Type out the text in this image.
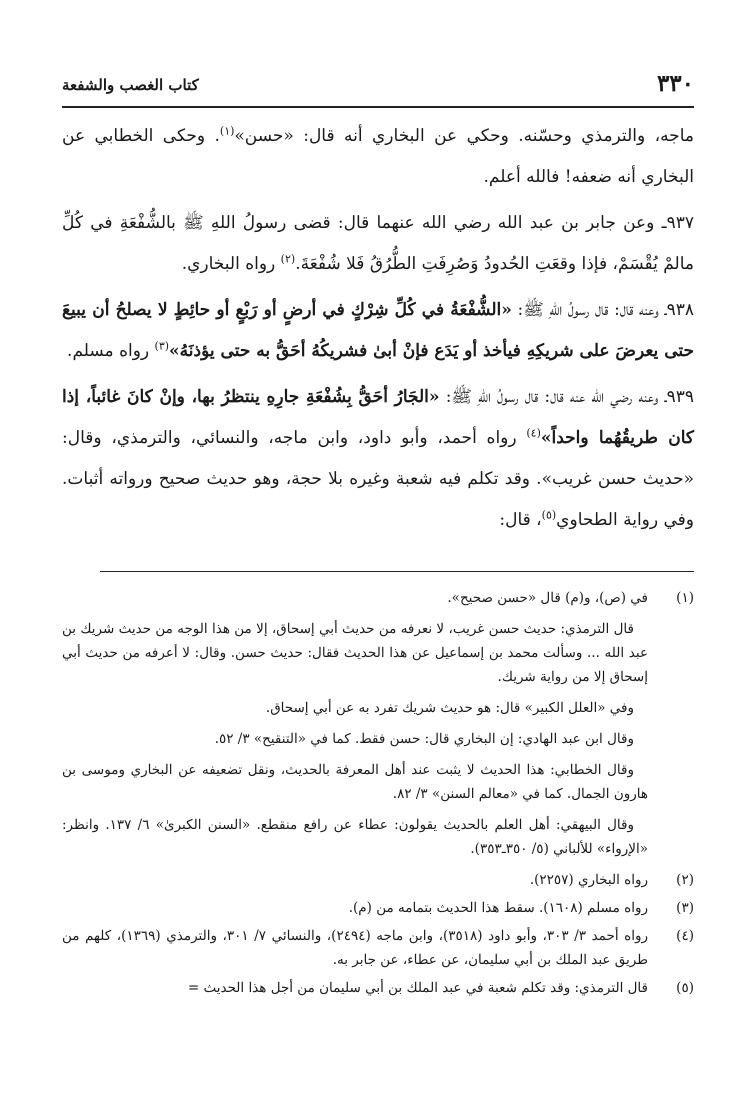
٣٣٠
كتاب الغصب والشفعة

ماجه، والترمذي وحسّنه. وحكي عن البخاري أنه قال: «حسن»$^{(١)}$. وحكى الخطابي عن البخاري أنه ضعفه! فالله أعلم.

٩٣٧ـ وعن جابر بن عبد الله رضي الله عنهما قال: قضى رسولُ اللهِ ﷺ بالشُّفْعَةِ في كُلِّ مالمْ يُقْسَمْ، فإذا وقعَتِ الحُدودُ وَصُرِفَتِ الطُّرُقُ فَلا شُفْعَةَ.$^{(٢)}$ رواه البخاري.

٩٣٨ـ وعنه قال: قال رسولُ اللهِ ﷺ: «الشُّفْعَةُ في كُلِّ شِرْكٍ في أرضٍ أو رَبْعٍ أو حائِطٍ لا يصلحُ أن يبيعَ حتى يعرضَ على شريكِهِ فيأخذ أو يَدَع فإنْ أبىٰ فشريكُهُ أحَقُّ به حتى يؤذنَهُ»$^{(٣)}$ رواه مسلم.

٩٣٩ـ وعنه رضي الله عنه قال: قال رسولُ اللهِ ﷺ: «الجَارُ أحَقُّ بِشُفْعَةِ جارِهِ ينتظرُ بها، وإنْ كانَ غائباً، إذا كان طريقُهُما واحداً»$^{(٤)}$ رواه أحمد، وأبو داود، وابن ماجه، والنسائي، والترمذي، وقال: «حديث حسن غريب». وقد تكلم فيه شعبة وغيره بلا حجة، وهو حديث صحيح ورواته أثبات. وفي رواية الطحاوي$^{(٥)}$، قال:

(١)
في (ص)، و(م) قال «حسن صحيح».
قال الترمذي: حديث حسن غريب، لا نعرفه من حديث أبي إسحاق، إلا من هذا الوجه من حديث شريك بن عبد الله ... وسألت محمد بن إسماعيل عن هذا الحديث فقال: حديث حسن. وقال: لا أعرفه من حديث أبي إسحاق إلا من رواية شريك.
وفي «العلل الكبير» قال: هو حديث شريك تفرد به عن أبي إسحاق.
وقال ابن عبد الهادي: إن البخاري قال: حسن فقط. كما في «التنقيح» ٣/ ٥٢.
وقال الخطابي: هذا الحديث لا يثبت عند أهل المعرفة بالحديث، ونقل تضعيفه عن البخاري وموسى بن هارون الجمال. كما في «معالم السنن» ٣/ ٨٢.
وقال البيهقي: أهل العلم بالحديث يقولون: عطاء عن رافع منقطع. «السنن الكبرىٰ» ٦/ ١٣٧. وانظر: «الإرواء» للألباني (٥/ ٣٥٠ـ٣٥٣).
(٢)
رواه البخاري (٢٢٥٧).
(٣)
رواه مسلم (١٦٠٨). سقط هذا الحديث بتمامه من (م).
(٤)
رواه أحمد ٣/ ٣٠٣، وأبو داود (٣٥١٨)، وابن ماجه (٢٤٩٤)، والنسائي ٧/ ٣٠١، والترمذي (١٣٦٩)، كلهم من طريق عبد الملك بن أبي سليمان، عن عطاء، عن جابر به.
(٥)
قال الترمذي: وقد تكلم شعبة في عبد الملك بن أبي سليمان من أجل هذا الحديث =
